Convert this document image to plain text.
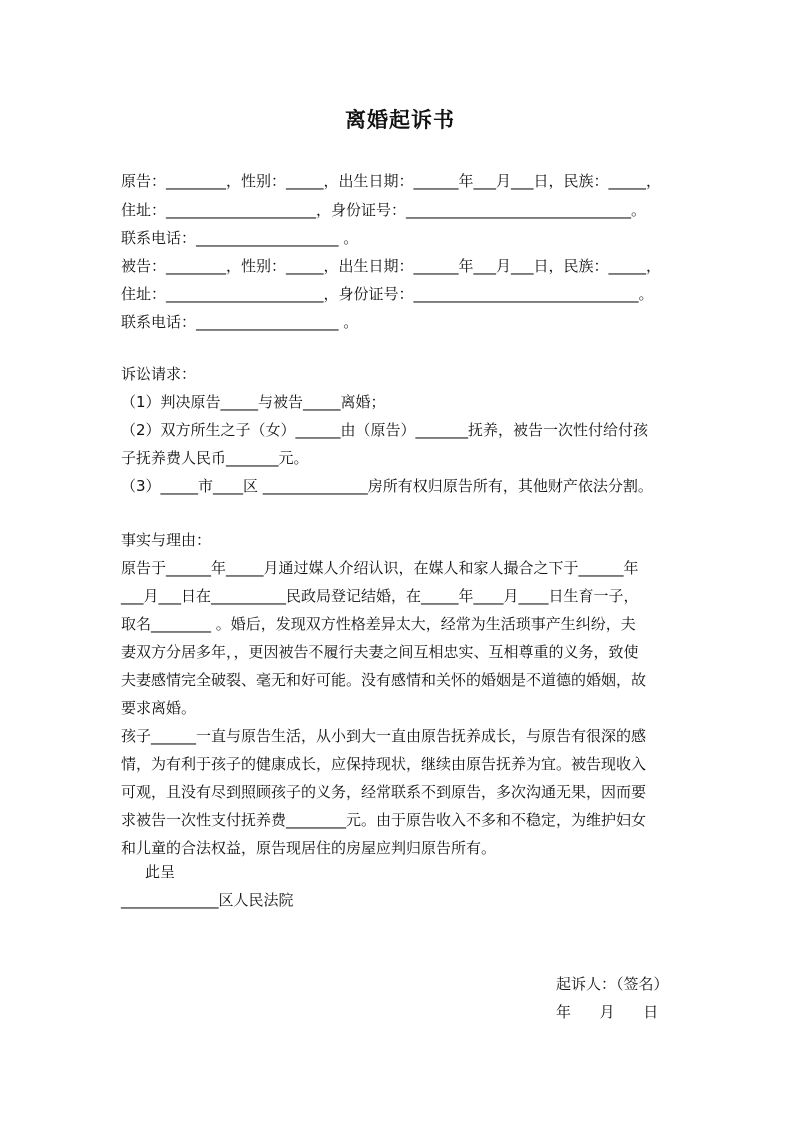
离婚起诉书
原告：________，性别：_____，出生日期：______年___月___日，民族：_____，
住址：____________________，身份证号：______________________________。
联系电话：___________________ 。
被告：________，性别：_____，出生日期：______年___月___日，民族：_____，
住址：_____________________，身份证号：______________________________。
联系电话：___________________ 。
诉讼请求：
（1）判决原告_____与被告_____离婚；
（2）双方所生之子（女）______由（原告）_______抚养，被告一次性付给付孩
子抚养费人民币_______元。
（3）_____市____区 ______________房所有权归原告所有，其他财产依法分割。
事实与理由：
原告于______年_____月通过媒人介绍认识，在媒人和家人撮合之下于______年
___月___日在__________民政局登记结婚，在_____年____月____日生育一子，
取名________ 。婚后，发现双方性格差异太大，经常为生活琐事产生纠纷，夫
妻双方分居多年，，更因被告不履行夫妻之间互相忠实、互相尊重的义务，致使
夫妻感情完全破裂、毫无和好可能。没有感情和关怀的婚姻是不道德的婚姻，故
要求离婚。
孩子______一直与原告生活，从小到大一直由原告抚养成长，与原告有很深的感
情，为有利于孩子的健康成长，应保持现状，继续由原告抚养为宜。被告现收入
可观，且没有尽到照顾孩子的义务，经常联系不到原告，多次沟通无果，因而要
求被告一次性支付抚养费________元。由于原告收入不多和不稳定，为维护妇女
和儿童的合法权益，原告现居住的房屋应判归原告所有。
此呈
_____________区人民法院
起诉人：（签名）
年      月      日
